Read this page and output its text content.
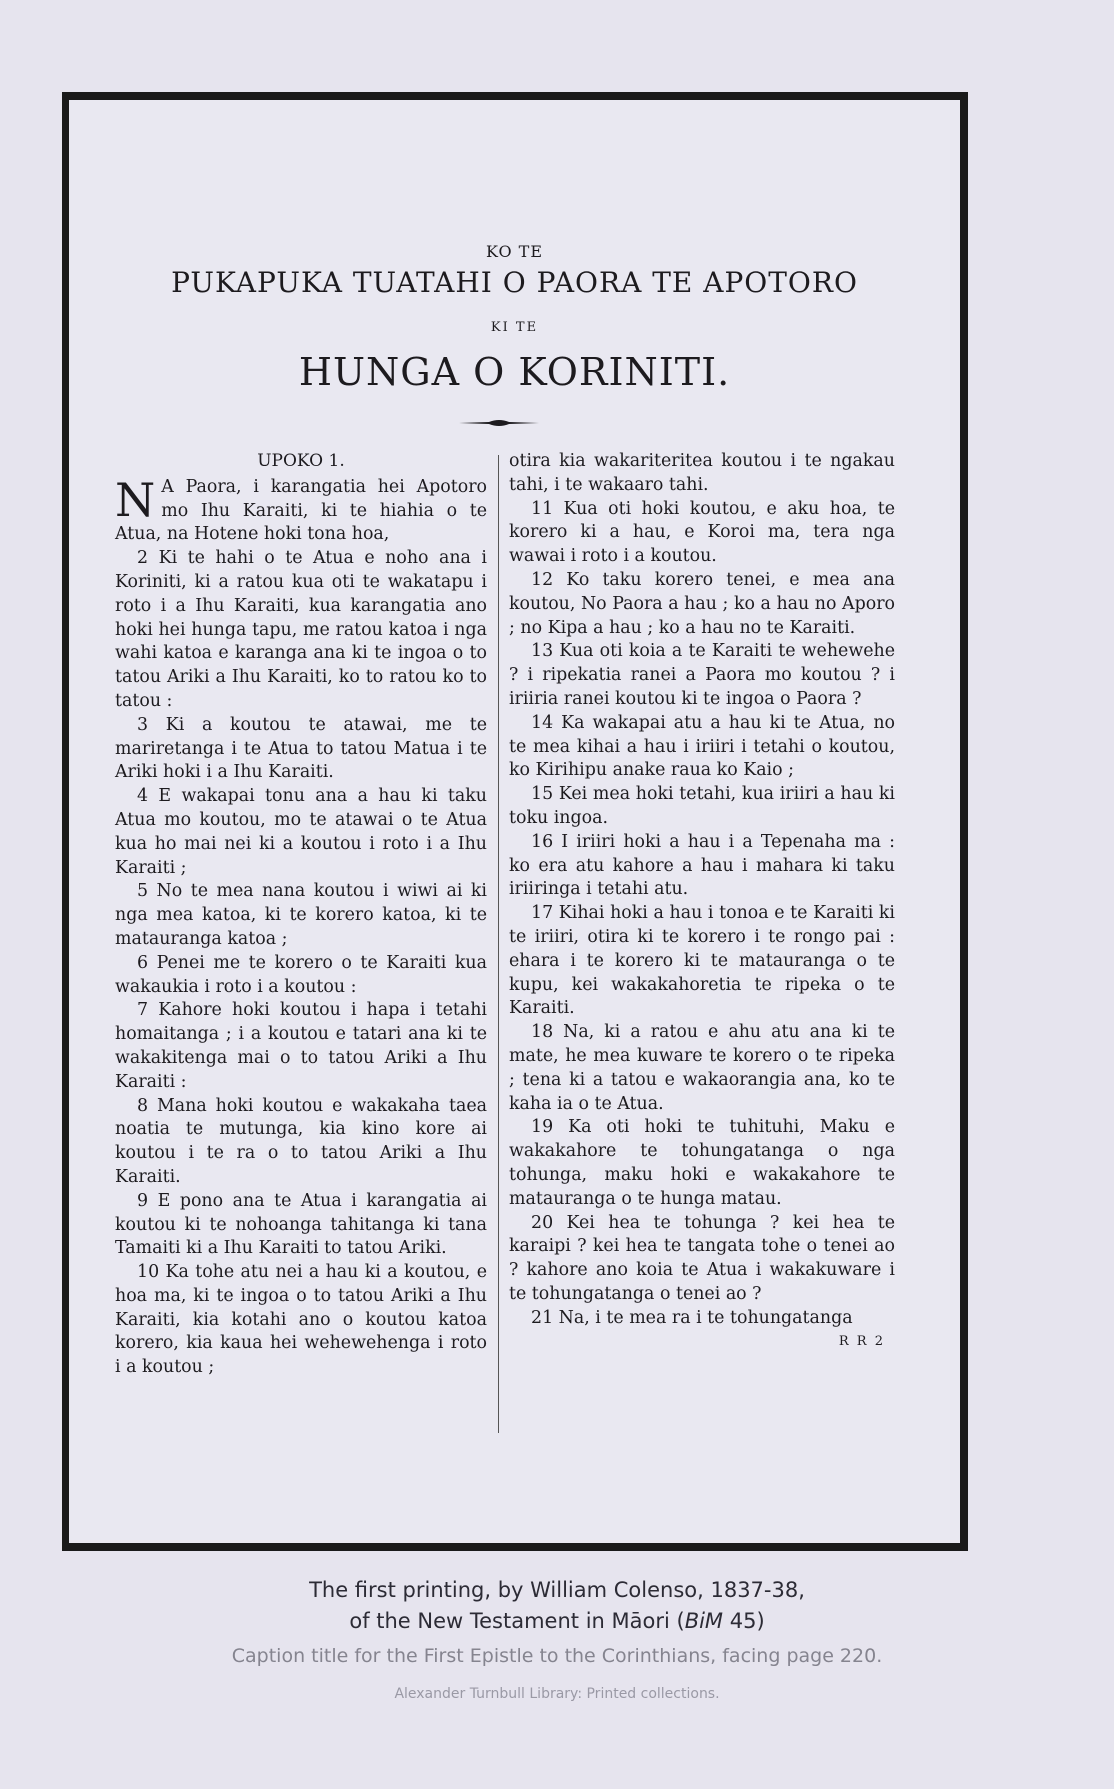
KO TE
PUKAPUKA TUATAHI O PAORA TE APOTORO
KI TE
HUNGA O KORINITI.
UPOKO 1.

N A Paora, i karangatia hei Apotoro mo Ihu Karaiti, ki te hiahia o te Atua, na Hotene hoki tona hoa,

2 Ki te hahi o te Atua e noho ana i Koriniti, ki a ratou kua oti te wakatapu i roto i a Ihu Karaiti, kua karangatia ano hoki hei hunga tapu, me ratou katoa i nga wahi katoa e karanga ana ki te ingoa o to tatou Ariki a Ihu Karaiti, ko to ratou ko to tatou :

3 Ki a koutou te atawai, me te mariretanga i te Atua to tatou Matua i te Ariki hoki i a Ihu Karaiti.

4 E wakapai tonu ana a hau ki taku Atua mo koutou, mo te atawai o te Atua kua ho mai nei ki a koutou i roto i a Ihu Karaiti ;

5 No te mea nana koutou i wiwi ai ki nga mea katoa, ki te korero katoa, ki te matauranga katoa ;

6 Penei me te korero o te Karaiti kua wakaukia i roto i a koutou :

7 Kahore hoki koutou i hapa i tetahi homaitanga ; i a koutou e tatari ana ki te wakakitenga mai o to tatou Ariki a Ihu Karaiti :

8 Mana hoki koutou e wakakaha taea noatia te mutunga, kia kino kore ai koutou i te ra o to tatou Ariki a Ihu Karaiti.

9 E pono ana te Atua i karangatia ai koutou ki te nohoanga tahitanga ki tana Tamaiti ki a Ihu Karaiti to tatou Ariki.

10 Ka tohe atu nei a hau ki a koutou, e hoa ma, ki te ingoa o to tatou Ariki a Ihu Karaiti, kia kotahi ano o koutou katoa korero, kia kaua hei wehewehenga i roto i a koutou ;

otira kia wakariteritea koutou i te ngakau tahi, i te wakaaro tahi.

11 Kua oti hoki koutou, e aku hoa, te korero ki a hau, e Koroi ma, tera nga wawai i roto i a koutou.

12 Ko taku korero tenei, e mea ana koutou, No Paora a hau ; ko a hau no Aporo ; no Kipa a hau ; ko a hau no te Karaiti.

13 Kua oti koia a te Karaiti te wehewehe ? i ripekatia ranei a Paora mo koutou ? i iriiria ranei koutou ki te ingoa o Paora ?

14 Ka wakapai atu a hau ki te Atua, no te mea kihai a hau i iriiri i tetahi o koutou, ko Kirihipu anake raua ko Kaio ;

15 Kei mea hoki tetahi, kua iriiri a hau ki toku ingoa.

16 I iriiri hoki a hau i a Tepenaha ma : ko era atu kahore a hau i mahara ki taku iriiringa i tetahi atu.

17 Kihai hoki a hau i tonoa e te Karaiti ki te iriiri, otira ki te korero i te rongo pai : ehara i te korero ki te matauranga o te kupu, kei wakakahoretia te ripeka o te Karaiti.

18 Na, ki a ratou e ahu atu ana ki te mate, he mea kuware te korero o te ripeka ; tena ki a tatou e wakaorangia ana, ko te kaha ia o te Atua.

19 Ka oti hoki te tuhituhi, Maku e wakakahore te tohungatanga o nga tohunga, maku hoki e wakakahore te matauranga o te hunga matau.

20 Kei hea te tohunga ? kei hea te karaipi ? kei hea te tangata tohe o tenei ao ? kahore ano koia te Atua i wakakuware i te tohungatanga o tenei ao ?

21 Na, i te mea ra i te tohungatanga

R R 2
The first printing, by William Colenso, 1837-38,
of the New Testament in Māori (BiM 45)
Caption title for the First Epistle to the Corinthians, facing page 220.
Alexander Turnbull Library: Printed collections.
